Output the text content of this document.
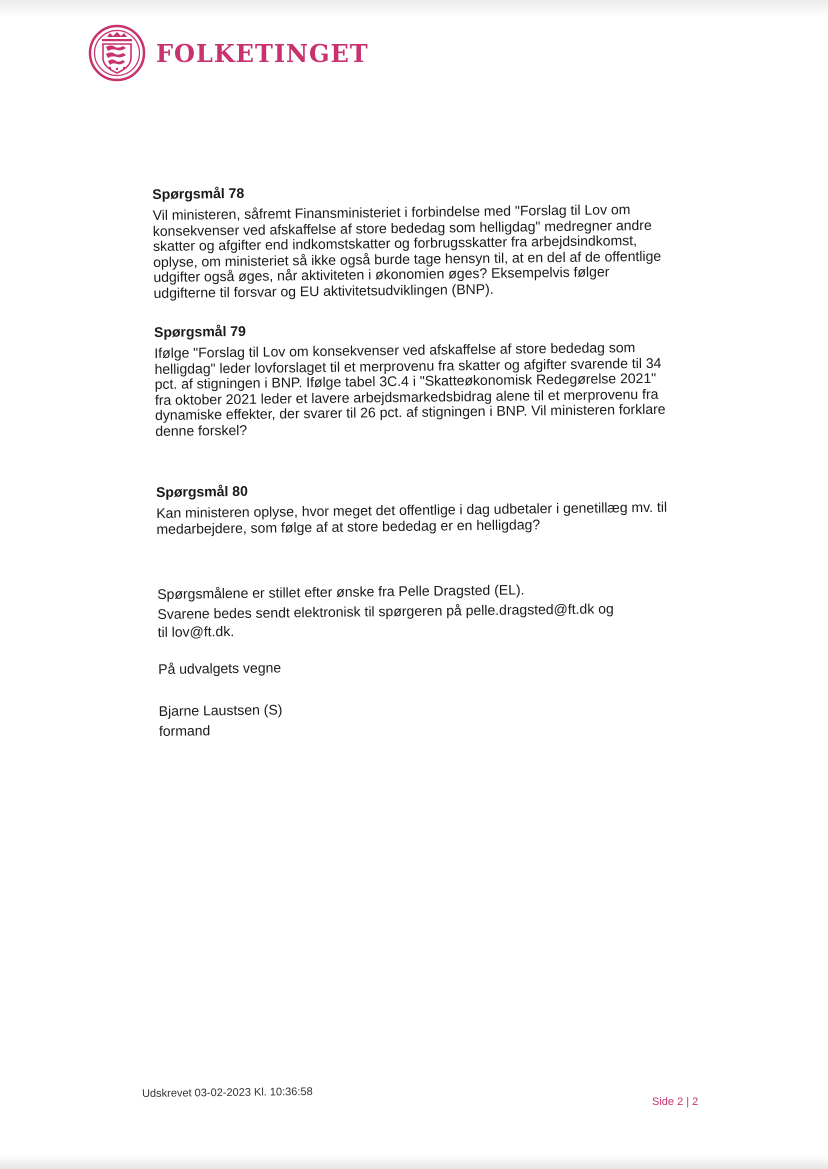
FOLKETINGET

Spørgsmål 78

Vil ministeren, såfremt Finansministeriet i forbindelse med "Forslag til Lov om konsekvenser ved afskaffelse af store bededag som helligdag" medregner andre skatter og afgifter end indkomstskatter og forbrugsskatter fra arbejdsindkomst, oplyse, om ministeriet så ikke også burde tage hensyn til, at en del af de offentlige udgifter også øges, når aktiviteten i økonomien øges? Eksempelvis følger udgifterne til forsvar og EU aktivitetsudviklingen (BNP).

Spørgsmål 79

Ifølge "Forslag til Lov om konsekvenser ved afskaffelse af store bededag som helligdag" leder lovforslaget til et merprovenu fra skatter og afgifter svarende til 34 pct. af stigningen i BNP. Ifølge tabel 3C.4 i "Skatteøkonomisk Redegørelse 2021" fra oktober 2021 leder et lavere arbejdsmarkedsbidrag alene til et merprovenu fra dynamiske effekter, der svarer til 26 pct. af stigningen i BNP. Vil ministeren forklare denne forskel?

Spørgsmål 80

Kan ministeren oplyse, hvor meget det offentlige i dag udbetaler i genetillæg mv. til medarbejdere, som følge af at store bededag er en helligdag?

Spørgsmålene er stillet efter ønske fra Pelle Dragsted (EL).
Svarene bedes sendt elektronisk til spørgeren på pelle.dragsted@ft.dk og til lov@ft.dk.
På udvalgets vegne
Bjarne Laustsen (S)
formand
Udskrevet 03-02-2023 Kl. 10:36:58
Side 2 | 2
